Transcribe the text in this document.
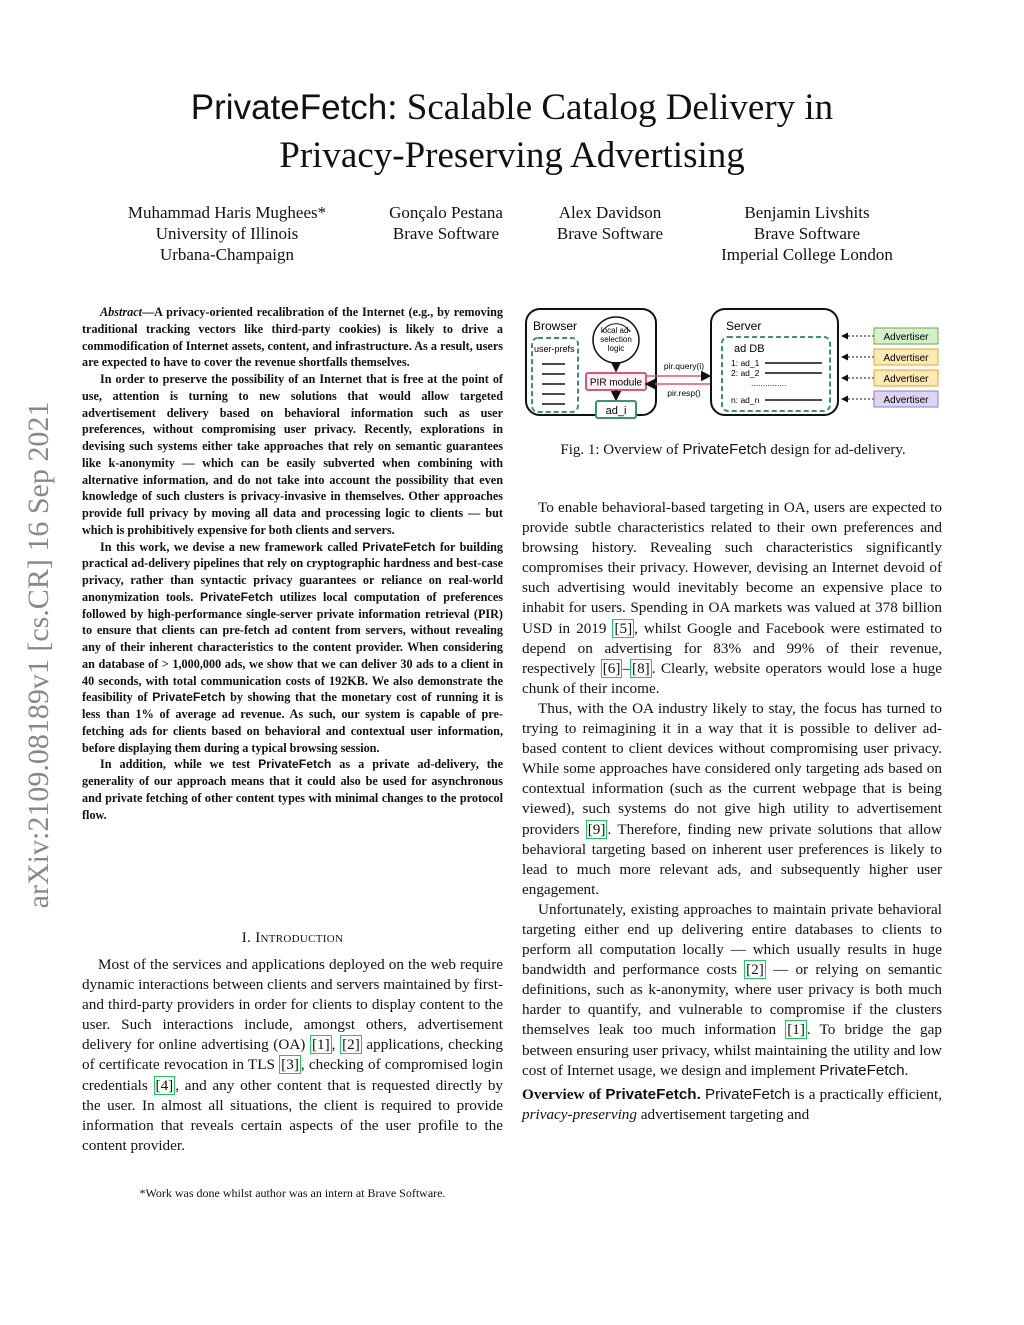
arXiv:2109.08189v1 [cs.CR] 16 Sep 2021
PrivateFetch: Scalable Catalog Delivery in
Privacy-Preserving Advertising
Muhammad Haris Mughees*
University of Illinois
Urbana-Champaign
Gonçalo Pestana
Brave Software
Alex Davidson
Brave Software
Benjamin Livshits
Brave Software
Imperial College London

Abstract—A privacy-oriented recalibration of the Internet (e.g., by removing traditional tracking vectors like third-party cookies) is likely to drive a commodification of Internet assets, content, and infrastructure. As a result, users are expected to have to cover the revenue shortfalls themselves.

In order to preserve the possibility of an Internet that is free at the point of use, attention is turning to new solutions that would allow targeted advertisement delivery based on behavioral information such as user preferences, without compromising user privacy. Recently, explorations in devising such systems either take approaches that rely on semantic guarantees like k-anonymity — which can be easily subverted when combining with alternative information, and do not take into account the possibility that even knowledge of such clusters is privacy-invasive in themselves. Other approaches provide full privacy by moving all data and processing logic to clients — but which is prohibitively expensive for both clients and servers.

In this work, we devise a new framework called PrivateFetch for building practical ad-delivery pipelines that rely on cryptographic hardness and best-case privacy, rather than syntactic privacy guarantees or reliance on real-world anonymization tools. PrivateFetch utilizes local computation of preferences followed by high-performance single-server private information retrieval (PIR) to ensure that clients can pre-fetch ad content from servers, without revealing any of their inherent characteristics to the content provider. When considering an database of > 1,000,000 ads, we show that we can deliver 30 ads to a client in 40 seconds, with total communication costs of 192KB. We also demonstrate the feasibility of PrivateFetch by showing that the monetary cost of running it is less than 1% of average ad revenue. As such, our system is capable of pre-fetching ads for clients based on behavioral and contextual user information, before displaying them during a typical browsing session.

In addition, while we test PrivateFetch as a private ad-delivery, the generality of our approach means that it could also be used for asynchronous and private fetching of other content types with minimal changes to the protocol flow.

I. Introduction

Most of the services and applications deployed on the web require dynamic interactions between clients and servers maintained by first- and third-party providers in order for clients to display content to the user. Such interactions include, amongst others, advertisement delivery for online advertising (OA) [1] , [2] applications, checking of certificate revocation in TLS [3] , checking of compromised login credentials [4] , and any other content that is requested directly by the user. In almost all situations, the client is required to provide information that reveals certain aspects of the user profile to the content provider.

*Work was done whilst author was an intern at Brave Software.
Browser
user-prefs
local ad-
selection
logic
PIR module
ad_i
pir.query(i)
pir.resp()
Server
ad DB
1: ad_1
2: ad_2
...............
n: ad_n
Advertiser
Advertiser
Advertiser
Advertiser
Fig. 1: Overview of PrivateFetch design for ad-delivery.

To enable behavioral-based targeting in OA, users are expected to provide subtle characteristics related to their own preferences and browsing history. Revealing such characteristics significantly compromises their privacy. However, devising an Internet devoid of such advertising would inevitably become an expensive place to inhabit for users. Spending in OA markets was valued at 378 billion USD in 2019 [5] , whilst Google and Facebook were estimated to depend on advertising for 83% and 99% of their revenue, respectively [6] – [8] . Clearly, website operators would lose a huge chunk of their income.

Thus, with the OA industry likely to stay, the focus has turned to trying to reimagining it in a way that it is possible to deliver ad-based content to client devices without compromising user privacy. While some approaches have considered only targeting ads based on contextual information (such as the current webpage that is being viewed), such systems do not give high utility to advertisement providers [9] . Therefore, finding new private solutions that allow behavioral targeting based on inherent user preferences is likely to lead to much more relevant ads, and subsequently higher user engagement.

Unfortunately, existing approaches to maintain private behavioral targeting either end up delivering entire databases to clients to perform all computation locally — which usually results in huge bandwidth and performance costs [2] — or relying on semantic definitions, such as k-anonymity, where user privacy is both much harder to quantify, and vulnerable to compromise if the clusters themselves leak too much information [1] . To bridge the gap between ensuring user privacy, whilst maintaining the utility and low cost of Internet usage, we design and implement PrivateFetch.

Overview of PrivateFetch. PrivateFetch is a practically efficient, privacy-preserving advertisement targeting and
